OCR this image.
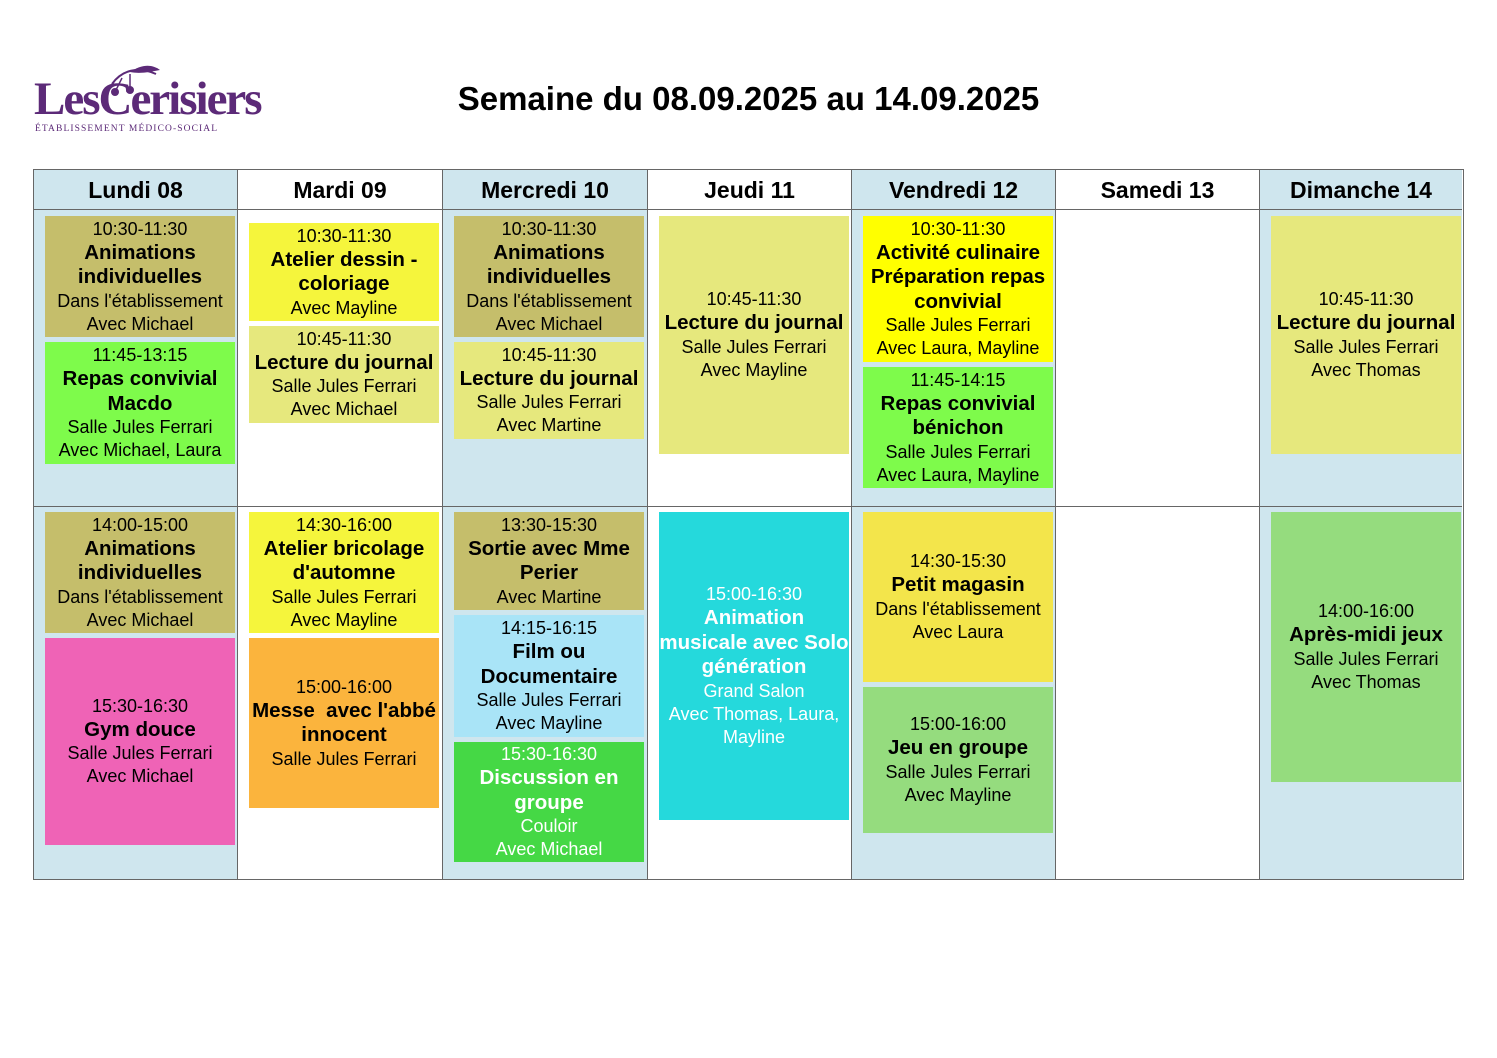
LesCerisiers
ÉTABLISSEMENT MÉDICO-SOCIAL
Semaine du 08.09.2025 au 14.09.2025
Lundi 08
10:30-11:30
Animations individuelles
Dans l'établissement
Avec Michael
11:45-13:15
Repas convivial Macdo
Salle Jules Ferrari
Avec Michael, Laura
14:00-15:00
Animations individuelles
Dans l'établissement
Avec Michael
15:30-16:30
Gym douce
Salle Jules Ferrari
Avec Michael
Mardi 09
10:30-11:30
Atelier dessin - coloriage
Avec Mayline
10:45-11:30
Lecture du journal
Salle Jules Ferrari
Avec Michael
14:30-16:00
Atelier bricolage d'automne
Salle Jules Ferrari
Avec Mayline
15:00-16:00
Messe  avec l'abbé innocent
Salle Jules Ferrari
Mercredi 10
10:30-11:30
Animations individuelles
Dans l'établissement
Avec Michael
10:45-11:30
Lecture du journal
Salle Jules Ferrari
Avec Martine
13:30-15:30
Sortie avec Mme Perier
Avec Martine
14:15-16:15
Film ou Documentaire
Salle Jules Ferrari
Avec Mayline
15:30-16:30
Discussion en groupe
Couloir
Avec Michael
Jeudi 11
10:45-11:30
Lecture du journal
Salle Jules Ferrari
Avec Mayline
15:00-16:30
Animation musicale avec Solo génération
Grand Salon
Avec Thomas, Laura, Mayline
Vendredi 12
10:30-11:30
Activité culinaire Préparation repas convivial
Salle Jules Ferrari
Avec Laura, Mayline
11:45-14:15
Repas convivial bénichon
Salle Jules Ferrari
Avec Laura, Mayline
14:30-15:30
Petit magasin
Dans l'établissement
Avec Laura
15:00-16:00
Jeu en groupe
Salle Jules Ferrari
Avec Mayline
Samedi 13	Dimanche 14
10:45-11:30
Lecture du journal
Salle Jules Ferrari
Avec Thomas
14:00-16:00
Après-midi jeux
Salle Jules Ferrari
Avec Thomas
